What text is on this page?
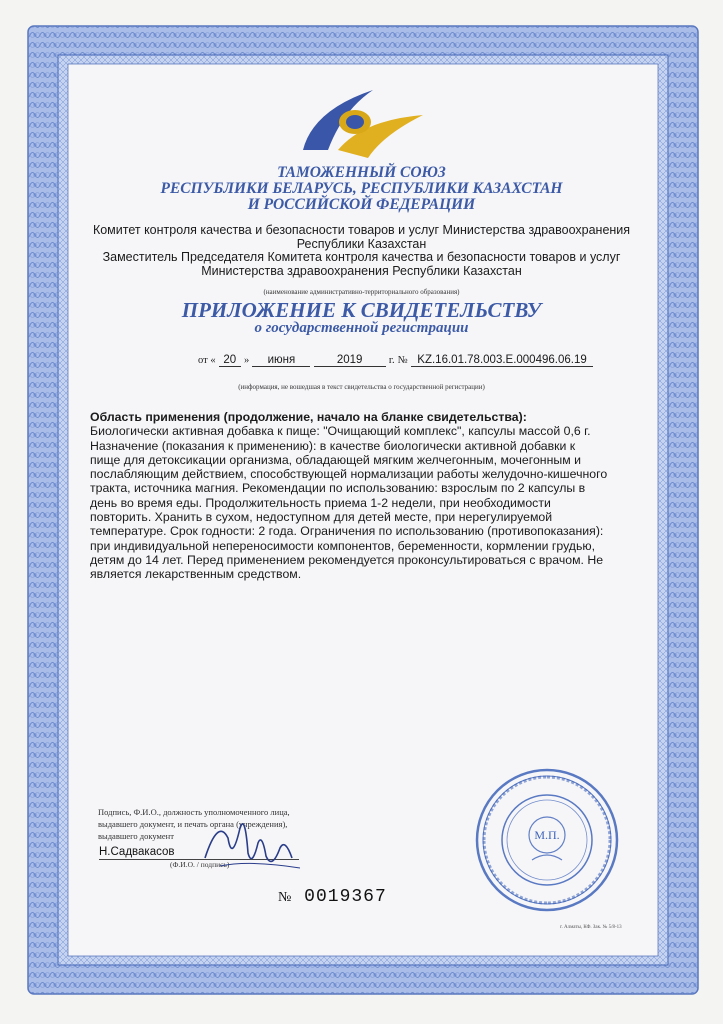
ТАМОЖЕННЫЙ СОЮЗ
РЕСПУБЛИКИ БЕЛАРУСЬ, РЕСПУБЛИКИ КАЗАХСТАН
И РОССИЙСКОЙ ФЕДЕРАЦИИ
Комитет контроля качества и безопасности товаров и услуг Министерства здравоохранения
Республики Казахстан
Заместитель Председателя Комитета контроля качества и безопасности товаров и услуг
Министерства здравоохранения Республики Казахстан
(наименование административно-территориального образования)
ПРИЛОЖЕНИЕ К СВИДЕТЕЛЬСТВУ
о государственной регистрации
от « 20 » июня	2019	г. № KZ.16.01.78.003.E.000496.06.19
(информация, не вошедшая в текст свидетельства о государственной регистрации)

Область применения (продолжение, начало на бланке свидетельства):

Биологически активная добавка к пище: "Очищающий комплекс", капсулы массой 0,6 г. Назначение (показания к применению): в качестве биологически активной добавки к пище для детоксикации организма, обладающей мягким желчегонным, мочегонным и послабляющим действием, способствующей нормализации работы желудочно-кишечного тракта, источника магния. Рекомендации по использованию: взрослым по 2 капсулы в день во время еды. Продолжительность приема 1-2 недели, при необходимости повторить. Хранить в сухом, недоступном для детей месте, при нерегулируемой температуре. Срок годности: 2 года. Ограничения по использованию (противопоказания): при индивидуальной непереносимости компонентов, беременности, кормлении грудью, детям до 14 лет. Перед применением рекомендуется проконсультироваться с врачом. Не является лекарственным средством.

Подпись, Ф.И.О., должность уполномоченного лица,
выдавшего документ, и печать органа (учреждения),
выдавшего документ
Н.Садвакасов
(Ф.И.О. / подпись)
№ 0019367
М.П.
г. Алматы, КФ. Зак. № 5/8-13
